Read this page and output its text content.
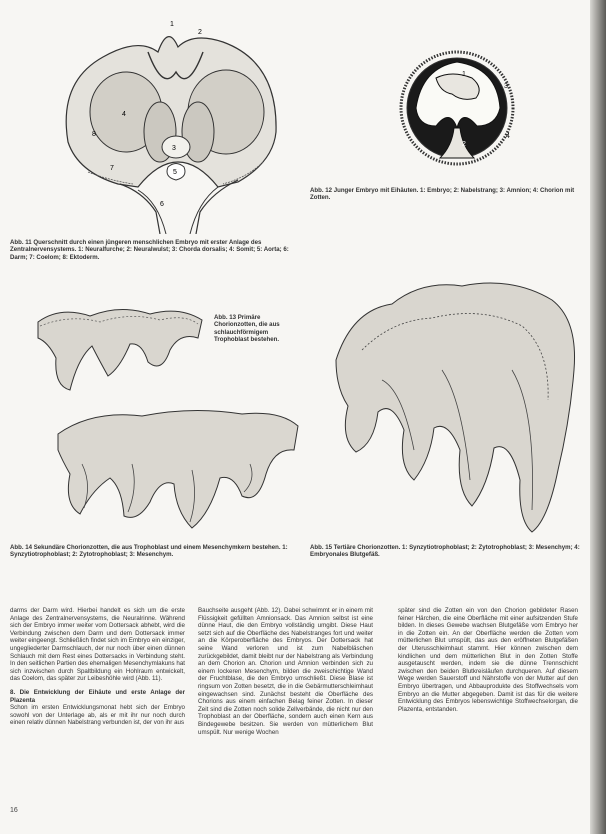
1
2
3
4
5
6
7
8
1
2
3
4
Abb. 12 Junger Embryo mit Eihäuten. 1: Embryo; 2: Nabelstrang; 3: Amnion; 4: Chorion mit Zotten.
Abb. 11 Querschnitt durch einen jüngeren menschlichen Embryo mit erster Anlage des Zentralnervensystems. 1: Neuralfurche; 2: Neuralwulst; 3: Chorda dorsalis; 4: Somit; 5: Aorta; 6: Darm; 7: Coelom; 8: Ektoderm.
Abb. 13 Primäre Chorionzotten, die aus schlauchförmigem Trophoblast bestehen.
Abb. 14 Sekundäre Chorionzotten, die aus Trophoblast und einem Mesenchymkern bestehen. 1: Synzytiotrophoblast; 2: Zytotrophoblast; 3: Mesenchym.
Abb. 15 Tertiäre Chorionzotten. 1: Synzytiotrophoblast; 2: Zytotrophoblast; 3: Mesenchym; 4: Embryonales Blutgefäß.

darms der Darm wird. Hierbei handelt es sich um die erste Anlage des Zentralnervensystems, die Neuralrinne. Während sich der Embryo immer weiter vom Dottersack abhebt, wird die Verbindung zwischen dem Darm und dem Dottersack immer weiter eingeengt. Schließlich findet sich im Embryo ein einziger, ungegliederter Darmschlauch, der nur noch über einen dünnen Schlauch mit dem Rest eines Dottersacks in Verbindung steht. In den seitlichen Partien des ehemaligen Mesenchymlakuns hat sich inzwischen durch Spaltbildung ein Hohlraum entwickelt, das Coelom, das später zur Leibeshöhle wird (Abb. 11).

8. Die Entwicklung der Eihäute und erste Anlage der Plazenta

Schon im ersten Entwicklungsmonat hebt sich der Embryo sowohl von der Unterlage ab, als er mit ihr nur noch durch einen relativ dünnen Nabelstrang verbunden ist, der von ihr aus

Bauchseite ausgeht (Abb. 12). Dabei schwimmt er in einem mit Flüssigkeit gefüllten Amnionsack. Das Amnion selbst ist eine dünne Haut, die den Embryo vollständig umgibt. Diese Haut setzt sich auf die Oberfläche des Nabelstranges fort und weiter an die Körperoberfläche des Embryos. Der Dottersack hat seine Wand verloren und ist zum Nabelbläschen zurückgebildet, damit bleibt nur der Nabelstrang als Verbindung an dem Chorion an. Chorion und Amnion verbinden sich zu einem lockeren Mesenchym, bilden die zweischichtige Wand der Fruchtblase, die den Embryo umschließt. Diese Blase ist ringsum von Zotten besetzt, die in die Gebärmutterschleimhaut eingewachsen sind. Zunächst besteht die Oberfläche des Chorions aus einem einfachen Belag feiner Zotten. In dieser Zeit sind die Zotten noch solide Zellverbände, die nicht nur den Trophoblast an der Oberfläche, sondern auch einen Kern aus Bindegewebe besitzen. Sie werden von mütterlichem Blut umspült. Nur wenige Wochen

später sind die Zotten ein von den Chorion gebildeter Rasen feiner Härchen, die eine Oberfläche mit einer aufsitzenden Stufe bilden. In dieses Gewebe wachsen Blutgefäße vom Embryo her in die Zotten ein. An der Oberfläche werden die Zotten vom mütterlichen Blut umspült, das aus den eröffneten Blutgefäßen der Uterusschleimhaut stammt. Hier können zwischen dem kindlichen und dem mütterlichen Blut in den Zotten Stoffe ausgetauscht werden, indem sie die dünne Trennschicht zwischen den beiden Blutkreisläufen durchqueren. Auf diesem Wege werden Sauerstoff und Nährstoffe von der Mutter auf den Embryo übertragen, und Abbauprodukte des Stoffwechsels vom Embryo an die Mutter abgegeben. Damit ist das für die weitere Entwicklung des Embryos lebenswichtige Stoffwechselorgan, die Plazenta, entstanden.

16
